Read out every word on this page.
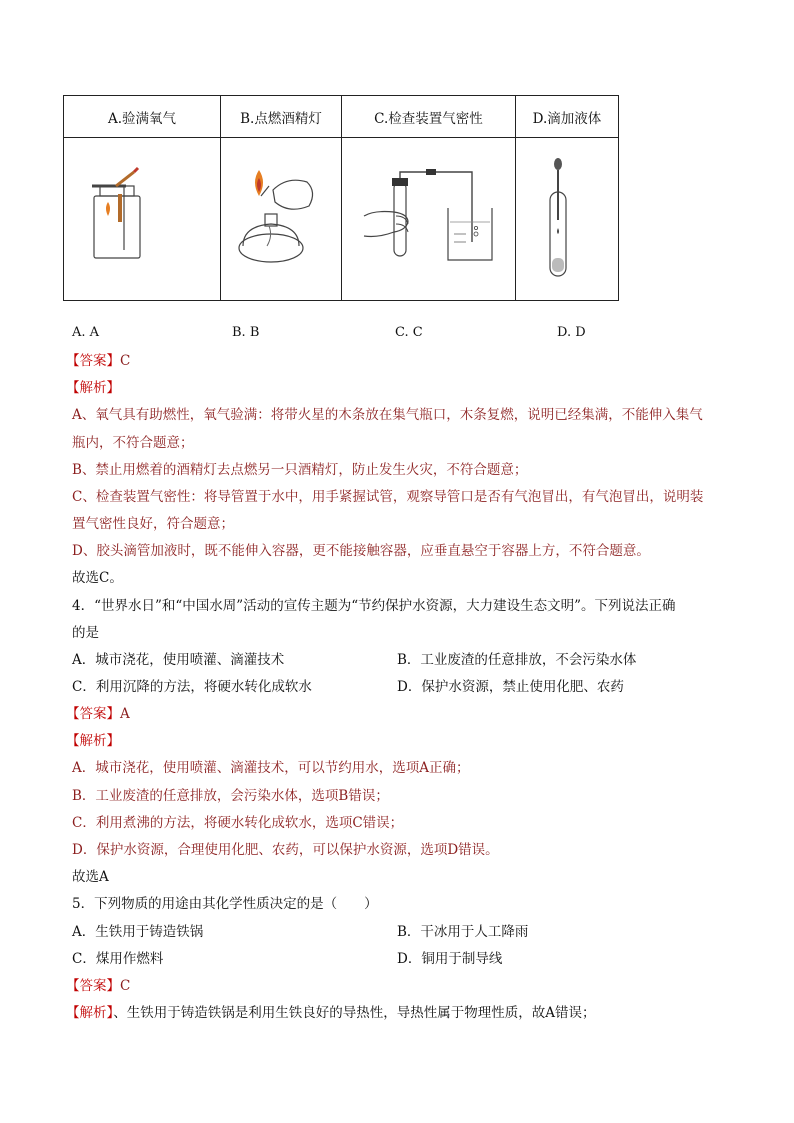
A.验满氧气	B.点燃酒精灯	C.检查装置气密性	D.滴加液体

A. A	B. B	C. C	D. D
【答案】C
【解析】
A、氧气具有助燃性，氧气验满：将带火星的木条放在集气瓶口，木条复燃，说明已经集满，不能伸入集气
瓶内，不符合题意；
B、禁止用燃着的酒精灯去点燃另一只酒精灯，防止发生火灾，不符合题意；
C、检查装置气密性：将导管置于水中，用手紧握试管，观察导管口是否有气泡冒出，有气泡冒出，说明装
置气密性良好，符合题意；
D、胶头滴管加液时，既不能伸入容器，更不能接触容器，应垂直悬空于容器上方，不符合题意。
故选C。
4．“世界水日”和“中国水周”活动的宣传主题为“节约保护水资源，大力建设生态文明”。下列说法正确
的是
A．城市浇花，使用喷灌、滴灌技术	B．工业废渣的任意排放，不会污染水体
C．利用沉降的方法，将硬水转化成软水	D．保护水资源，禁止使用化肥、农药
【答案】A
【解析】
A．城市浇花，使用喷灌、滴灌技术，可以节约用水，选项A正确；
B．工业废渣的任意排放，会污染水体，选项B错误；
C．利用煮沸的方法，将硬水转化成软水，选项C错误；
D．保护水资源，合理使用化肥、农药，可以保护水资源，选项D错误。
故选A
5．下列物质的用途由其化学性质决定的是（　　）
A．生铁用于铸造铁锅	B．干冰用于人工降雨
C．煤用作燃料	D．铜用于制导线
【答案】C
【解析】、生铁用于铸造铁锅是利用生铁良好的导热性，导热性属于物理性质，故A错误；
